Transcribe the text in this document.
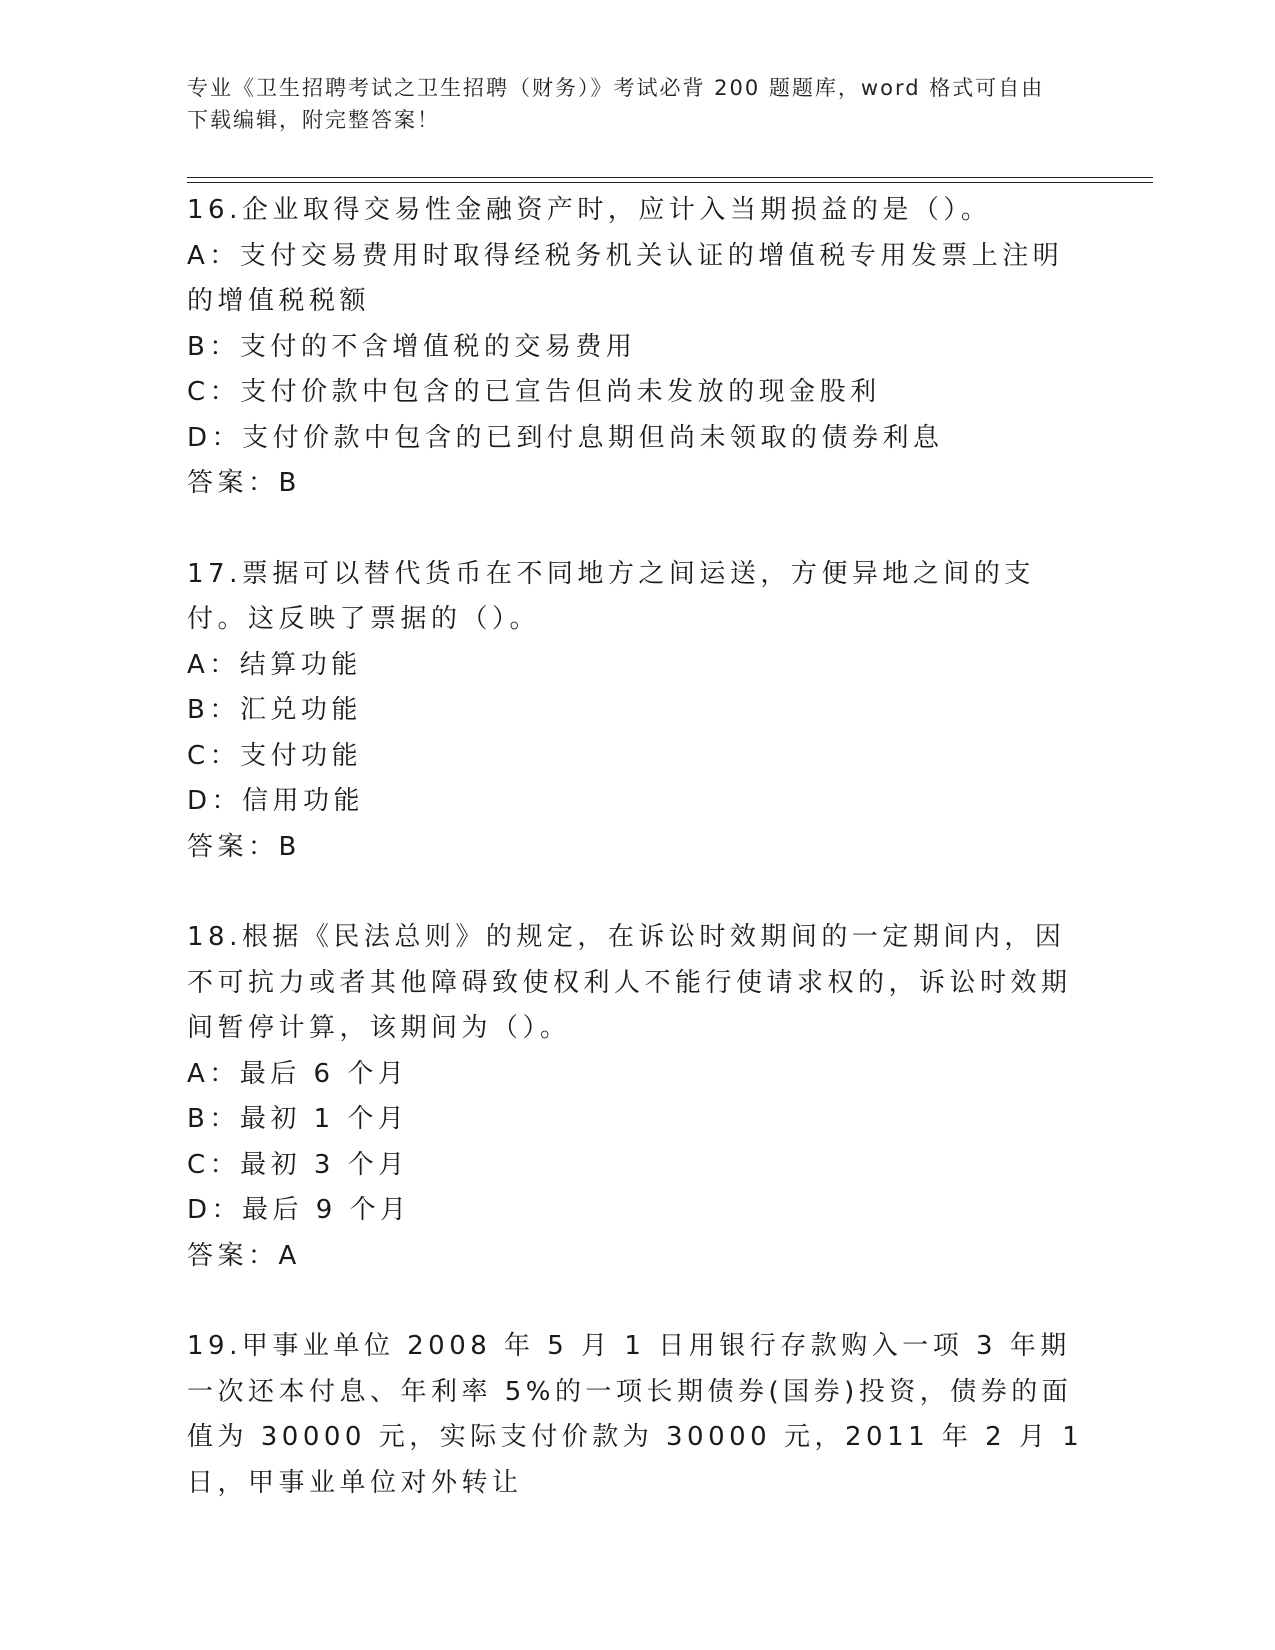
专业《卫生招聘考试之卫生招聘（财务）》考试必背 200 题题库，word 格式可自由下载编辑，附完整答案！

16.企业取得交易性金融资产时，应计入当期损益的是（）。

A：支付交易费用时取得经税务机关认证的增值税专用发票上注明的增值税税额

B：支付的不含增值税的交易费用

C：支付价款中包含的已宣告但尚未发放的现金股利

D：支付价款中包含的已到付息期但尚未领取的债券利息

答案：B

17.票据可以替代货币在不同地方之间运送，方便异地之间的支付。这反映了票据的（）。

A：结算功能

B：汇兑功能

C：支付功能

D：信用功能

答案：B

18.根据《民法总则》的规定，在诉讼时效期间的一定期间内，因不可抗力或者其他障碍致使权利人不能行使请求权的，诉讼时效期间暂停计算，该期间为（）。

A：最后 6 个月

B：最初 1 个月

C：最初 3 个月

D：最后 9 个月

答案：A

19.甲事业单位 2008 年 5 月 1 日用银行存款购入一项 3 年期一次还本付息、年利率 5%的一项长期债券(国券)投资，债券的面值为 30000 元，实际支付价款为 30000 元，2011 年 2 月 1 日，甲事业单位对外转让
